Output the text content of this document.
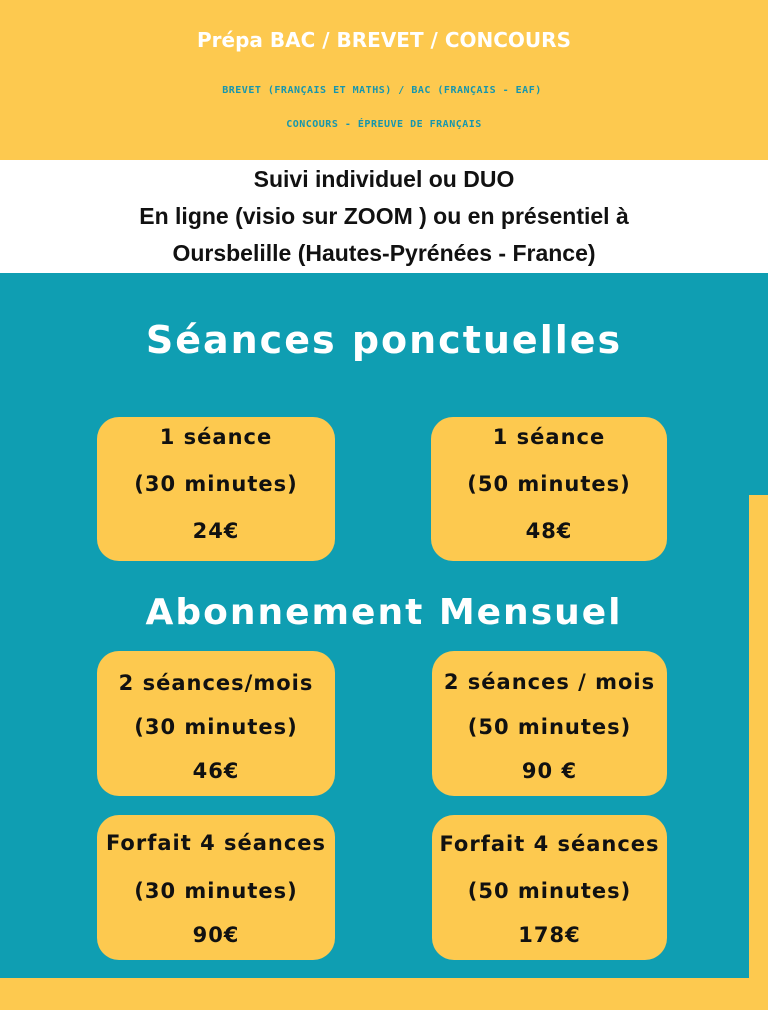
Prépa BAC / BREVET / CONCOURS
BREVET (FRANÇAIS ET MATHS) / BAC (FRANÇAIS - EAF)
CONCOURS - ÉPREUVE DE FRANÇAIS
Suivi individuel ou DUO
En ligne (visio sur ZOOM ) ou en présentiel à
Oursbelille (Hautes-Pyrénées - France)
Séances ponctuelles
1 séance
(30 minutes)
24€
1 séance
(50 minutes)
48€
Abonnement Mensuel
2 séances/mois
(30 minutes)
46€
2 séances / mois
(50 minutes)
90 €
Forfait 4 séances
(30 minutes)
90€
Forfait 4 séances
(50 minutes)
178€
